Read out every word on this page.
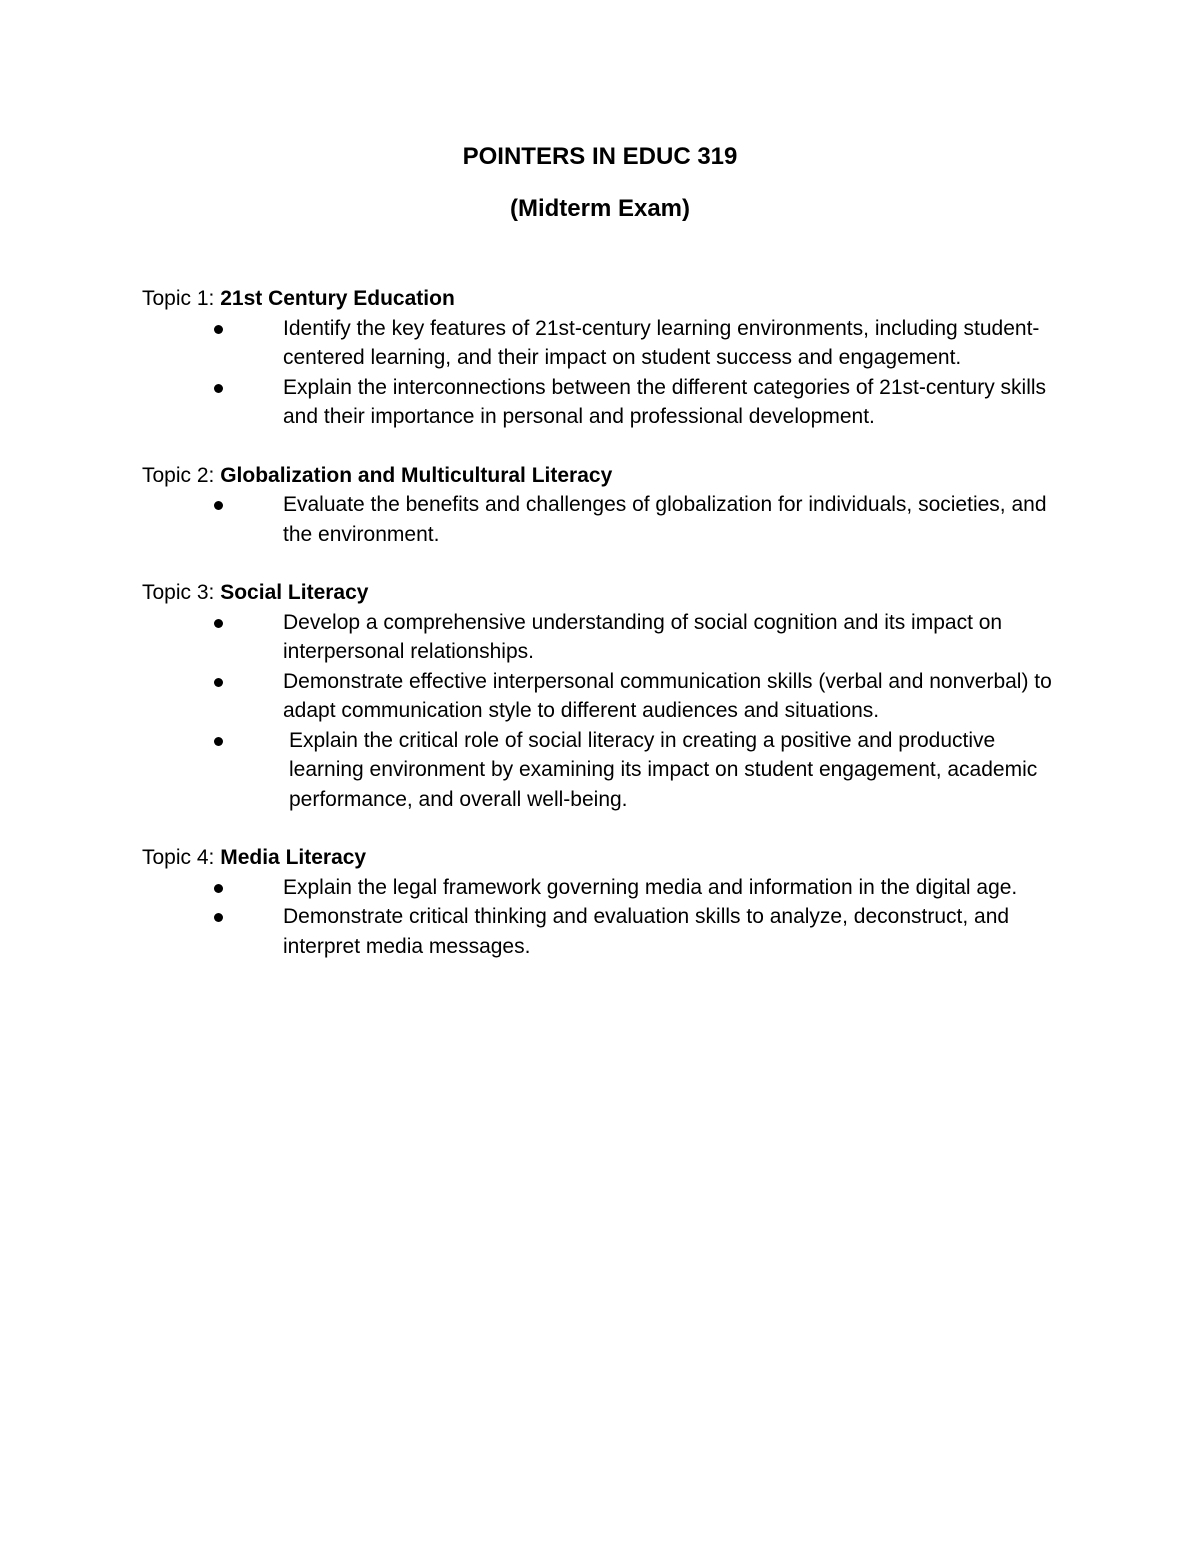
POINTERS IN EDUC 319
(Midterm Exam)
Topic 1: 21st Century Education
Identify the key features of 21st-century learning environments, including student-centered learning, and their impact on student success and engagement.
Explain the interconnections between the different categories of 21st-century skills and their importance in personal and professional development.
Topic 2: Globalization and Multicultural Literacy
Evaluate the benefits and challenges of globalization for individuals, societies, and the environment.
Topic 3: Social Literacy
Develop a comprehensive understanding of social cognition and its impact on interpersonal relationships.
Demonstrate effective interpersonal communication skills (verbal and nonverbal) to adapt communication style to different audiences and situations.
Explain the critical role of social literacy in creating a positive and productive learning environment by examining its impact on student engagement, academic performance, and overall well-being.
Topic 4: Media Literacy
Explain the legal framework governing media and information in the digital age.
Demonstrate critical thinking and evaluation skills to analyze, deconstruct, and interpret media messages.
